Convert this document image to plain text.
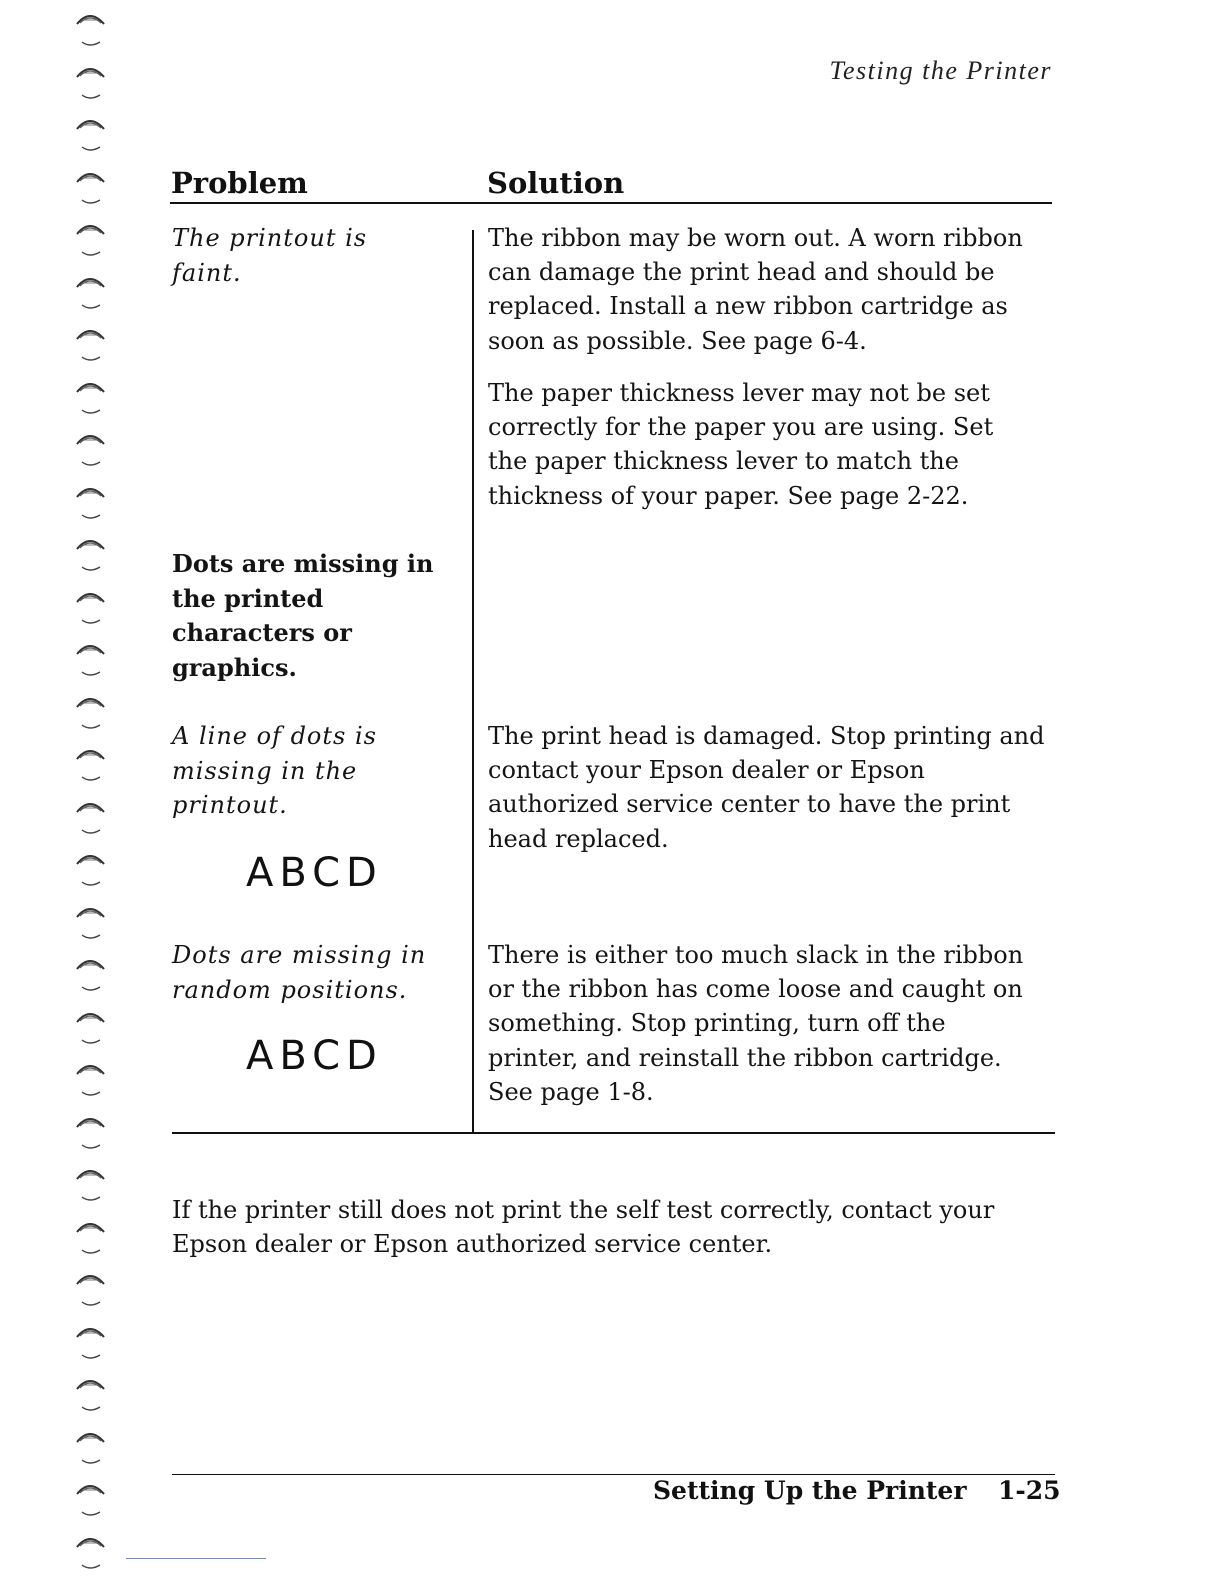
Testing the Printer
Problem	Solution
The printout is faint.
The ribbon may be worn out. A worn ribbon can damage the print head and should be replaced. Install a new ribbon cartridge as soon as possible. See page 6-4.
The paper thickness lever may not be set correctly for the paper you are using. Set the paper thickness lever to match the thickness of your paper. See page 2-22.
Dots are missing in the printed characters or graphics.
A line of dots is missing in the printout.
ABCD
The print head is damaged. Stop printing and contact your Epson dealer or Epson authorized service center to have the print head replaced.
Dots are missing in random positions.
ABCD
There is either too much slack in the ribbon or the ribbon has come loose and caught on something. Stop printing, turn off the printer, and reinstall the ribbon cartridge. See page 1-8.
If the printer still does not print the self test correctly, contact your Epson dealer or Epson authorized service center.
Setting Up the Printer 1-25
